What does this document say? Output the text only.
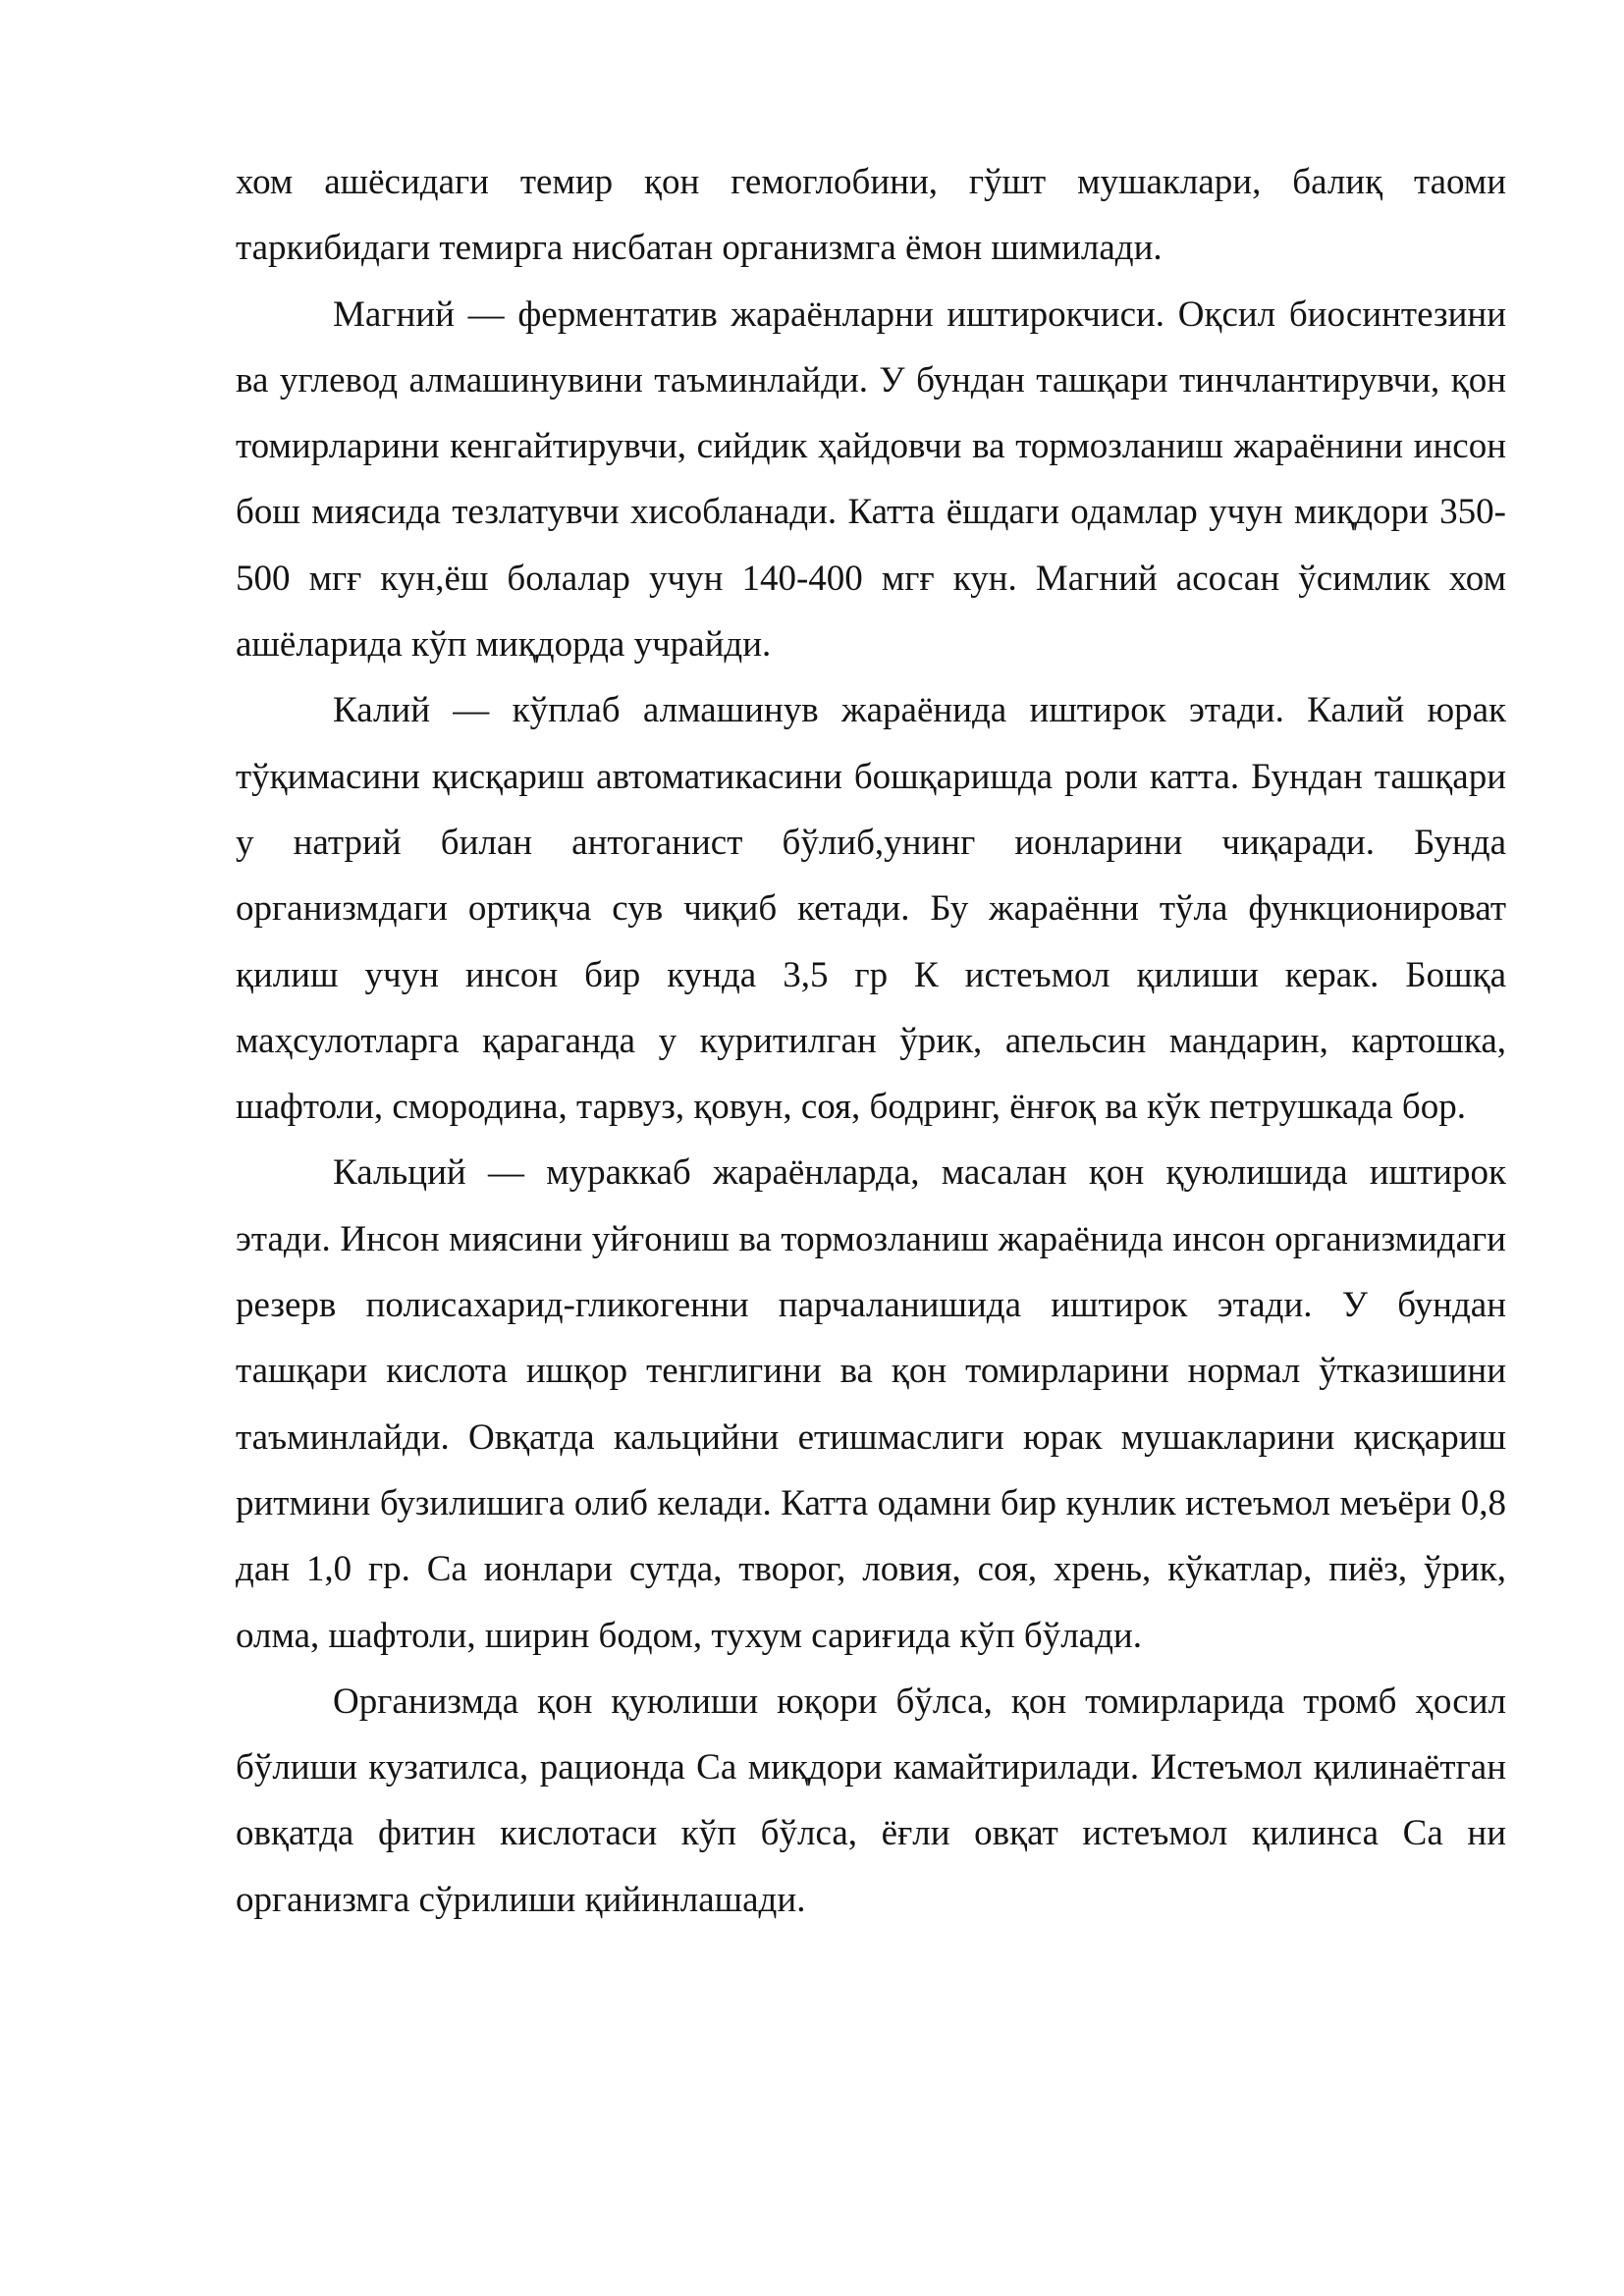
хом ашёсидаги темир қон гемоглобини, гўшт мушаклари, балиқ таоми таркибидаги темирга нисбатан организмга ёмон шимилади.

Магний — ферментатив жараёнларни иштирокчиси. Оқсил биосинтезини ва углевод алмашинувини таъминлайди. У бундан ташқари тинчлантирувчи, қон томирларини кенгайтирувчи, сийдик ҳайдовчи ва тормозланиш жараёнини инсон бош миясида тезлатувчи хисобланади. Катта ёшдаги одамлар учун миқдори 350-500 мгғ кун,ёш болалар учун 140-400 мгғ кун. Магний асосан ўсимлик хом ашёларида кўп миқдорда учрайди.

Калий — кўплаб алмашинув жараёнида иштирок этади. Калий юрак тўқимасини қисқариш автоматикасини бошқаришда роли катта. Бундан ташқари у натрий билан антоганист бўлиб,унинг ионларини чиқаради. Бунда организмдаги ортиқча сув чиқиб кетади. Бу жараённи тўла функционироват қилиш учун инсон бир кунда 3,5 гр К истеъмол қилиши керак. Бошқа маҳсулотларга қараганда у куритилган ўрик, апельсин мандарин, картошка, шафтоли, смородина, тарвуз, қовун, соя, бодринг, ёнғоқ ва кўк петрушкада бор.

Кальций — мураккаб жараёнларда, масалан қон қуюлишида иштирок этади. Инсон миясини уйғониш ва тормозланиш жараёнида инсон организмидаги резерв полисахарид-гликогенни парчаланишида иштирок этади. У бундан ташқари кислота ишқор тенглигини ва қон томирларини нормал ўтказишини таъминлайди. Овқатда кальцийни етишмаслиги юрак мушакларини қисқариш ритмини бузилишига олиб келади. Катта одамни бир кунлик истеъмол меъёри 0,8 дан 1,0 гр. Са ионлари сутда, творог, ловия, соя, хрень, кўкатлар, пиёз, ўрик, олма, шафтоли, ширин бодом, тухум сариғида кўп бўлади.

Организмда қон қуюлиши юқори бўлса, қон томирларида тромб ҳосил бўлиши кузатилса, рационда Са миқдори камайтирилади. Истеъмол қилинаётган овқатда фитин кислотаси кўп бўлса, ёғли овқат истеъмол қилинса Са ни организмга сўрилиши қийинлашади.
